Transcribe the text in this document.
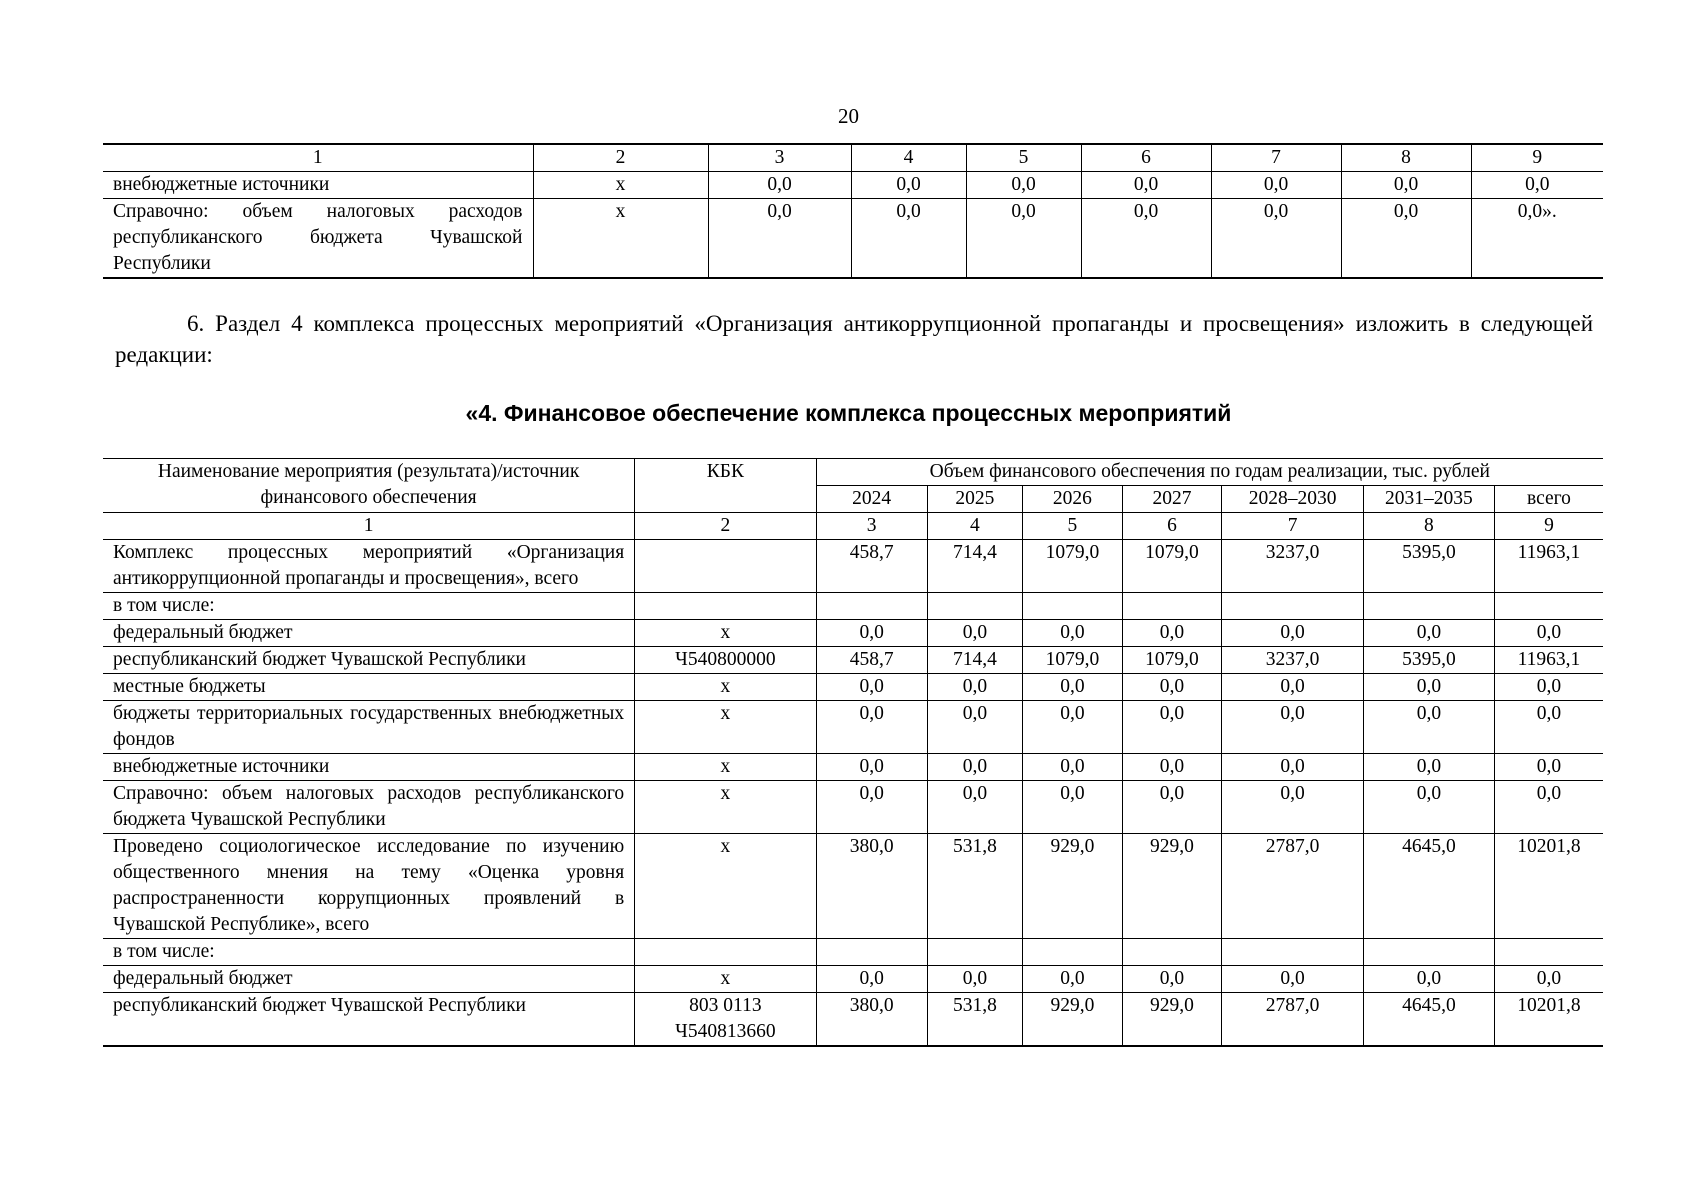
20
1	2	3	4	5	6	7	8	9
внебюджетные источники	х	0,0	0,0	0,0	0,0	0,0	0,0	0,0
Справочно: объем налоговых расходов республиканского бюджета Чувашской Республики	х	0,0	0,0	0,0	0,0	0,0	0,0	0,0».
6. Раздел 4 комплекса процессных мероприятий «Организация антикоррупционной пропаганды и просвещения» изложить в следующей редакции:
«4. Финансовое обеспечение комплекса процессных мероприятий
Наименование мероприятия (результата)/источник финансового обеспечения	КБК	Объем финансового обеспечения по годам реализации, тыс. рублей						
		2024	2025	2026	2027	2028–2030	2031–2035	всего
1	2	3	4	5	6	7	8	9
Комплекс процессных мероприятий «Организация антикоррупционной пропаганды и просвещения», всего		458,7	714,4	1079,0	1079,0	3237,0	5395,0	11963,1
в том числе:								
федеральный бюджет	х	0,0	0,0	0,0	0,0	0,0	0,0	0,0
республиканский бюджет Чувашской Республики	Ч540800000	458,7	714,4	1079,0	1079,0	3237,0	5395,0	11963,1
местные бюджеты	х	0,0	0,0	0,0	0,0	0,0	0,0	0,0
бюджеты территориальных государственных внебюджетных фондов	х	0,0	0,0	0,0	0,0	0,0	0,0	0,0
внебюджетные источники	х	0,0	0,0	0,0	0,0	0,0	0,0	0,0
Справочно: объем налоговых расходов республиканского бюджета Чувашской Республики	х	0,0	0,0	0,0	0,0	0,0	0,0	0,0
Проведено социологическое исследование по изучению общественного мнения на тему «Оценка уровня распространенности коррупционных проявлений в Чувашской Республике», всего	х	380,0	531,8	929,0	929,0	2787,0	4645,0	10201,8
в том числе:								
федеральный бюджет	х	0,0	0,0	0,0	0,0	0,0	0,0	0,0
республиканский бюджет Чувашской Республики	803 0113 Ч540813660	380,0	531,8	929,0	929,0	2787,0	4645,0	10201,8
